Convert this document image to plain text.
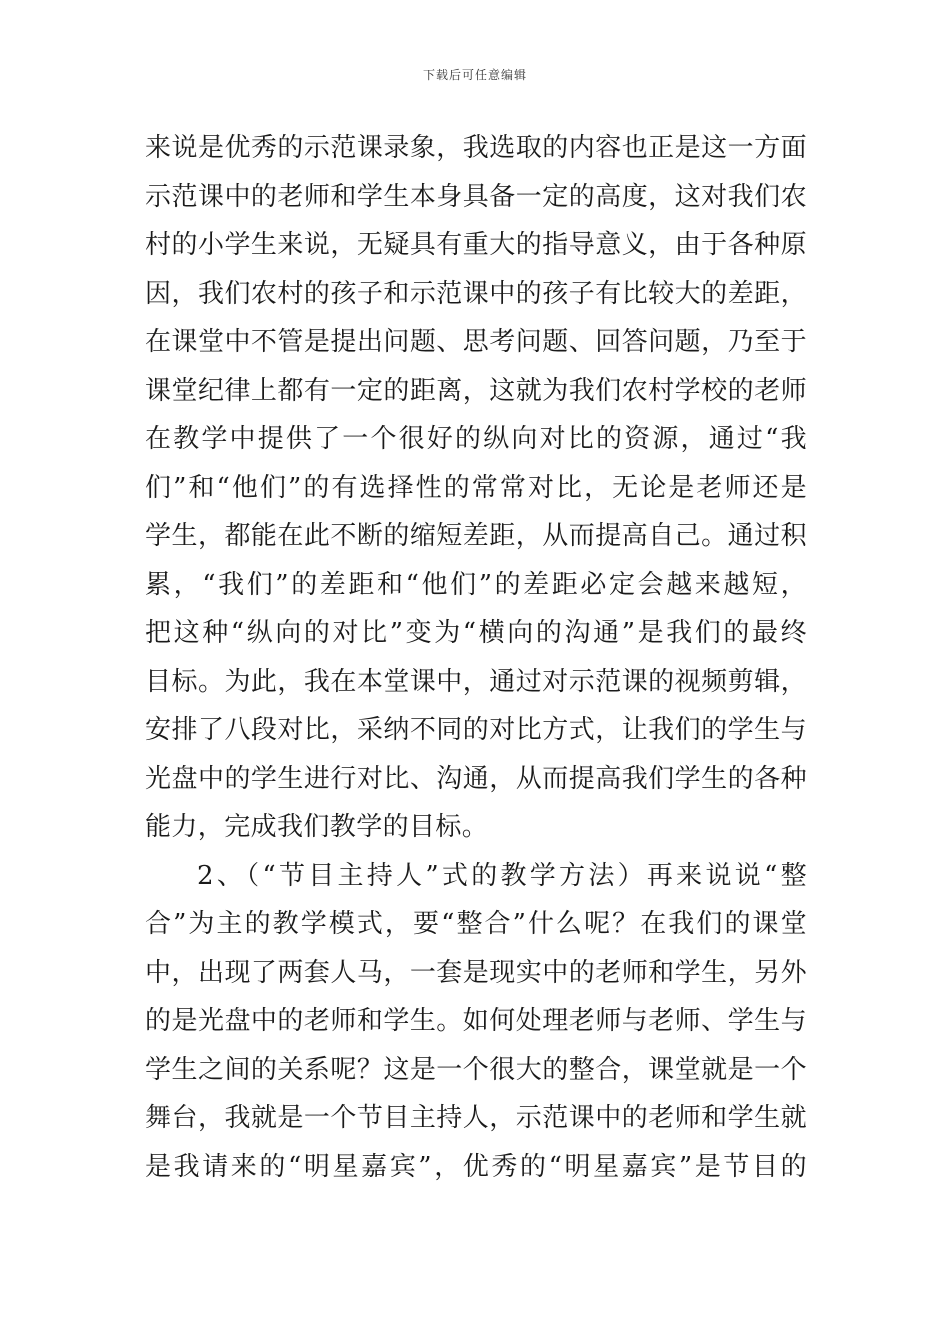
下载后可任意编辑
来说是优秀的示范课录象，我选取的内容也正是这一方面
示范课中的老师和学生本身具备一定的高度，这对我们农
村的小学生来说，无疑具有重大的指导意义，由于各种原
因，我们农村的孩子和示范课中的孩子有比较大的差距，
在课堂中不管是提出问题、思考问题、回答问题，乃至于
课堂纪律上都有一定的距离，这就为我们农村学校的老师
在教学中提供了一个很好的纵向对比的资源，通过“我
们”和“他们”的有选择性的常常对比，无论是老师还是
学生，都能在此不断的缩短差距，从而提高自己。通过积
累，“我们”的差距和“他们”的差距必定会越来越短，
把这种“纵向的对比”变为“横向的沟通”是我们的最终
目标。为此，我在本堂课中，通过对示范课的视频剪辑，
安排了八段对比，采纳不同的对比方式，让我们的学生与
光盘中的学生进行对比、沟通，从而提高我们学生的各种
能力，完成我们教学的目标。
2、（“节目主持人”式的教学方法）再来说说“整
合”为主的教学模式，要“整合”什么呢？在我们的课堂
中，出现了两套人马，一套是现实中的老师和学生，另外
的是光盘中的老师和学生。如何处理老师与老师、学生与
学生之间的关系呢？这是一个很大的整合，课堂就是一个
舞台，我就是一个节目主持人，示范课中的老师和学生就
是我请来的“明星嘉宾”，优秀的“明星嘉宾”是节目的
